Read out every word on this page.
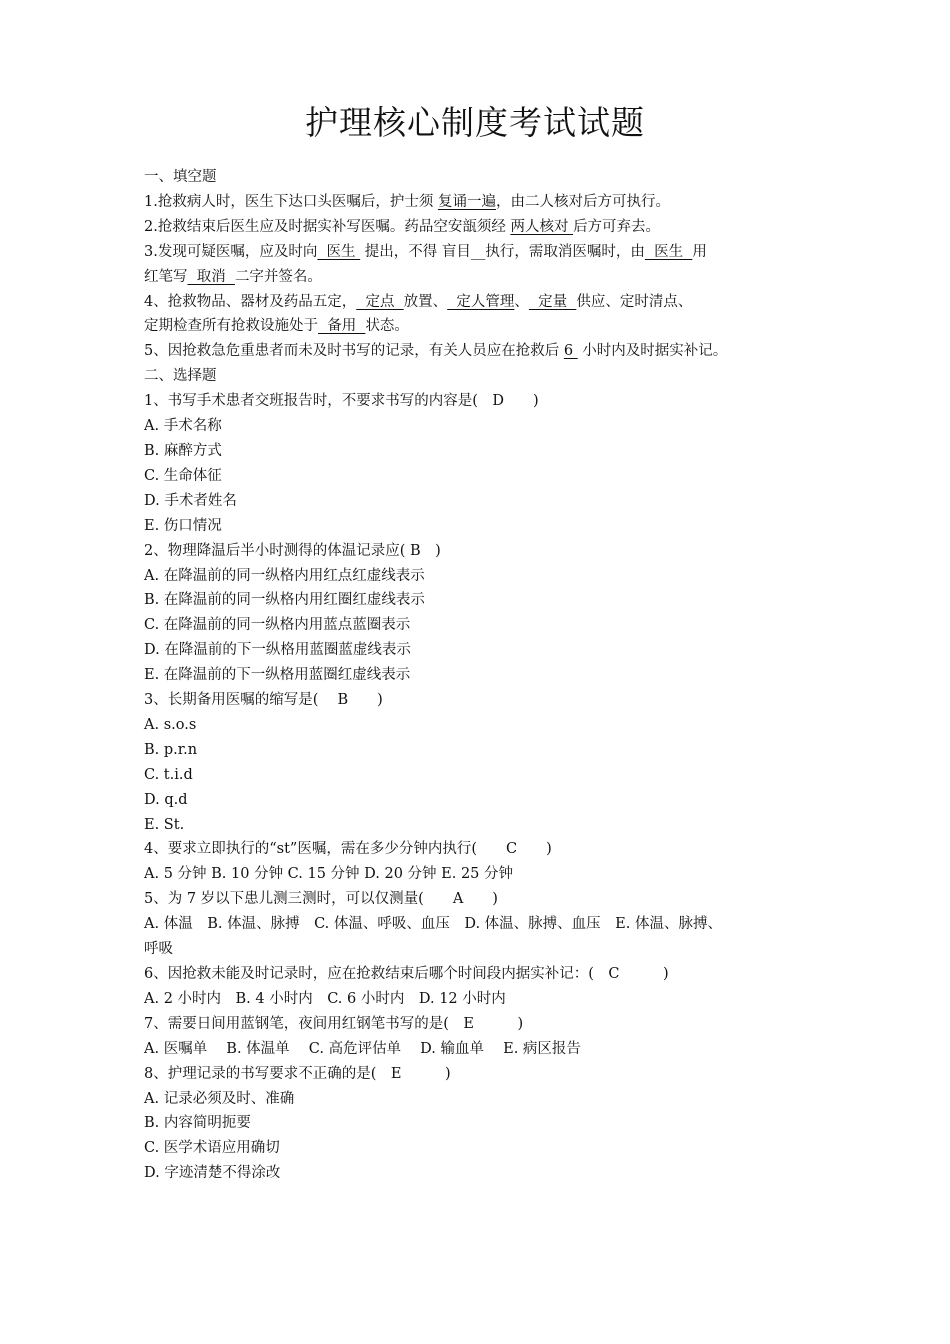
护理核心制度考试试题
一、填空题
1.抢救病人时，医生下达口头医嘱后，护士须 复诵一遍，由二人核对后方可执行。
2.抢救结束后医生应及时据实补写医嘱。药品空安瓿须经 两人核对 后方可弃去。
3.发现可疑医嘱，应及时向  医生  提出，不得 盲目__执行，需取消医嘱时，由  医生  用
红笔写  取消  二字并签名。
4、抢救物品、器材及药品五定，  定点  放置、  定人管理、  定量  供应、定时清点、
定期检查所有抢救设施处于  备用  状态。
5、因抢救急危重患者而未及时书写的记录，有关人员应在抢救后 6  小时内及时据实补记。
二、选择题
1、书写手术患者交班报告时，不要求书写的内容是(　D　　)
A. 手术名称
B. 麻醉方式
C. 生命体征
D. 手术者姓名
E. 伤口情况
2、物理降温后半小时测得的体温记录应( B　)
A. 在降温前的同一纵格内用红点红虚线表示
B. 在降温前的同一纵格内用红圈红虚线表示
C. 在降温前的同一纵格内用蓝点蓝圈表示
D. 在降温前的下一纵格用蓝圈蓝虚线表示
E. 在降温前的下一纵格用蓝圈红虚线表示
3、长期备用医嘱的缩写是(　 B　　)
A. s.o.s
B. p.r.n
C. t.i.d
D. q.d
E. St.
4、要求立即执行的“st”医嘱，需在多少分钟内执行(　　C　　)
A. 5 分钟 B. 10 分钟 C. 15 分钟 D. 20 分钟 E. 25 分钟
5、为 7 岁以下患儿测三测时，可以仅测量(　　A　　)
A. 体温　B. 体温、脉搏　C. 体温、呼吸、血压　D. 体温、脉搏、血压　E. 体温、脉搏、
呼吸
6、因抢救未能及时记录时，应在抢救结束后哪个时间段内据实补记：(　C　　　)
A. 2 小时内　B. 4 小时内　C. 6 小时内　D. 12 小时内
7、需要日间用蓝钢笔，夜间用红钢笔书写的是(　E　　　)
A. 医嘱单　 B. 体温单　 C. 高危评估单　 D. 输血单　 E. 病区报告
8、护理记录的书写要求不正确的是(　E　　　)
A. 记录必须及时、准确
B. 内容简明扼要
C. 医学术语应用确切
D. 字迹清楚不得涂改
